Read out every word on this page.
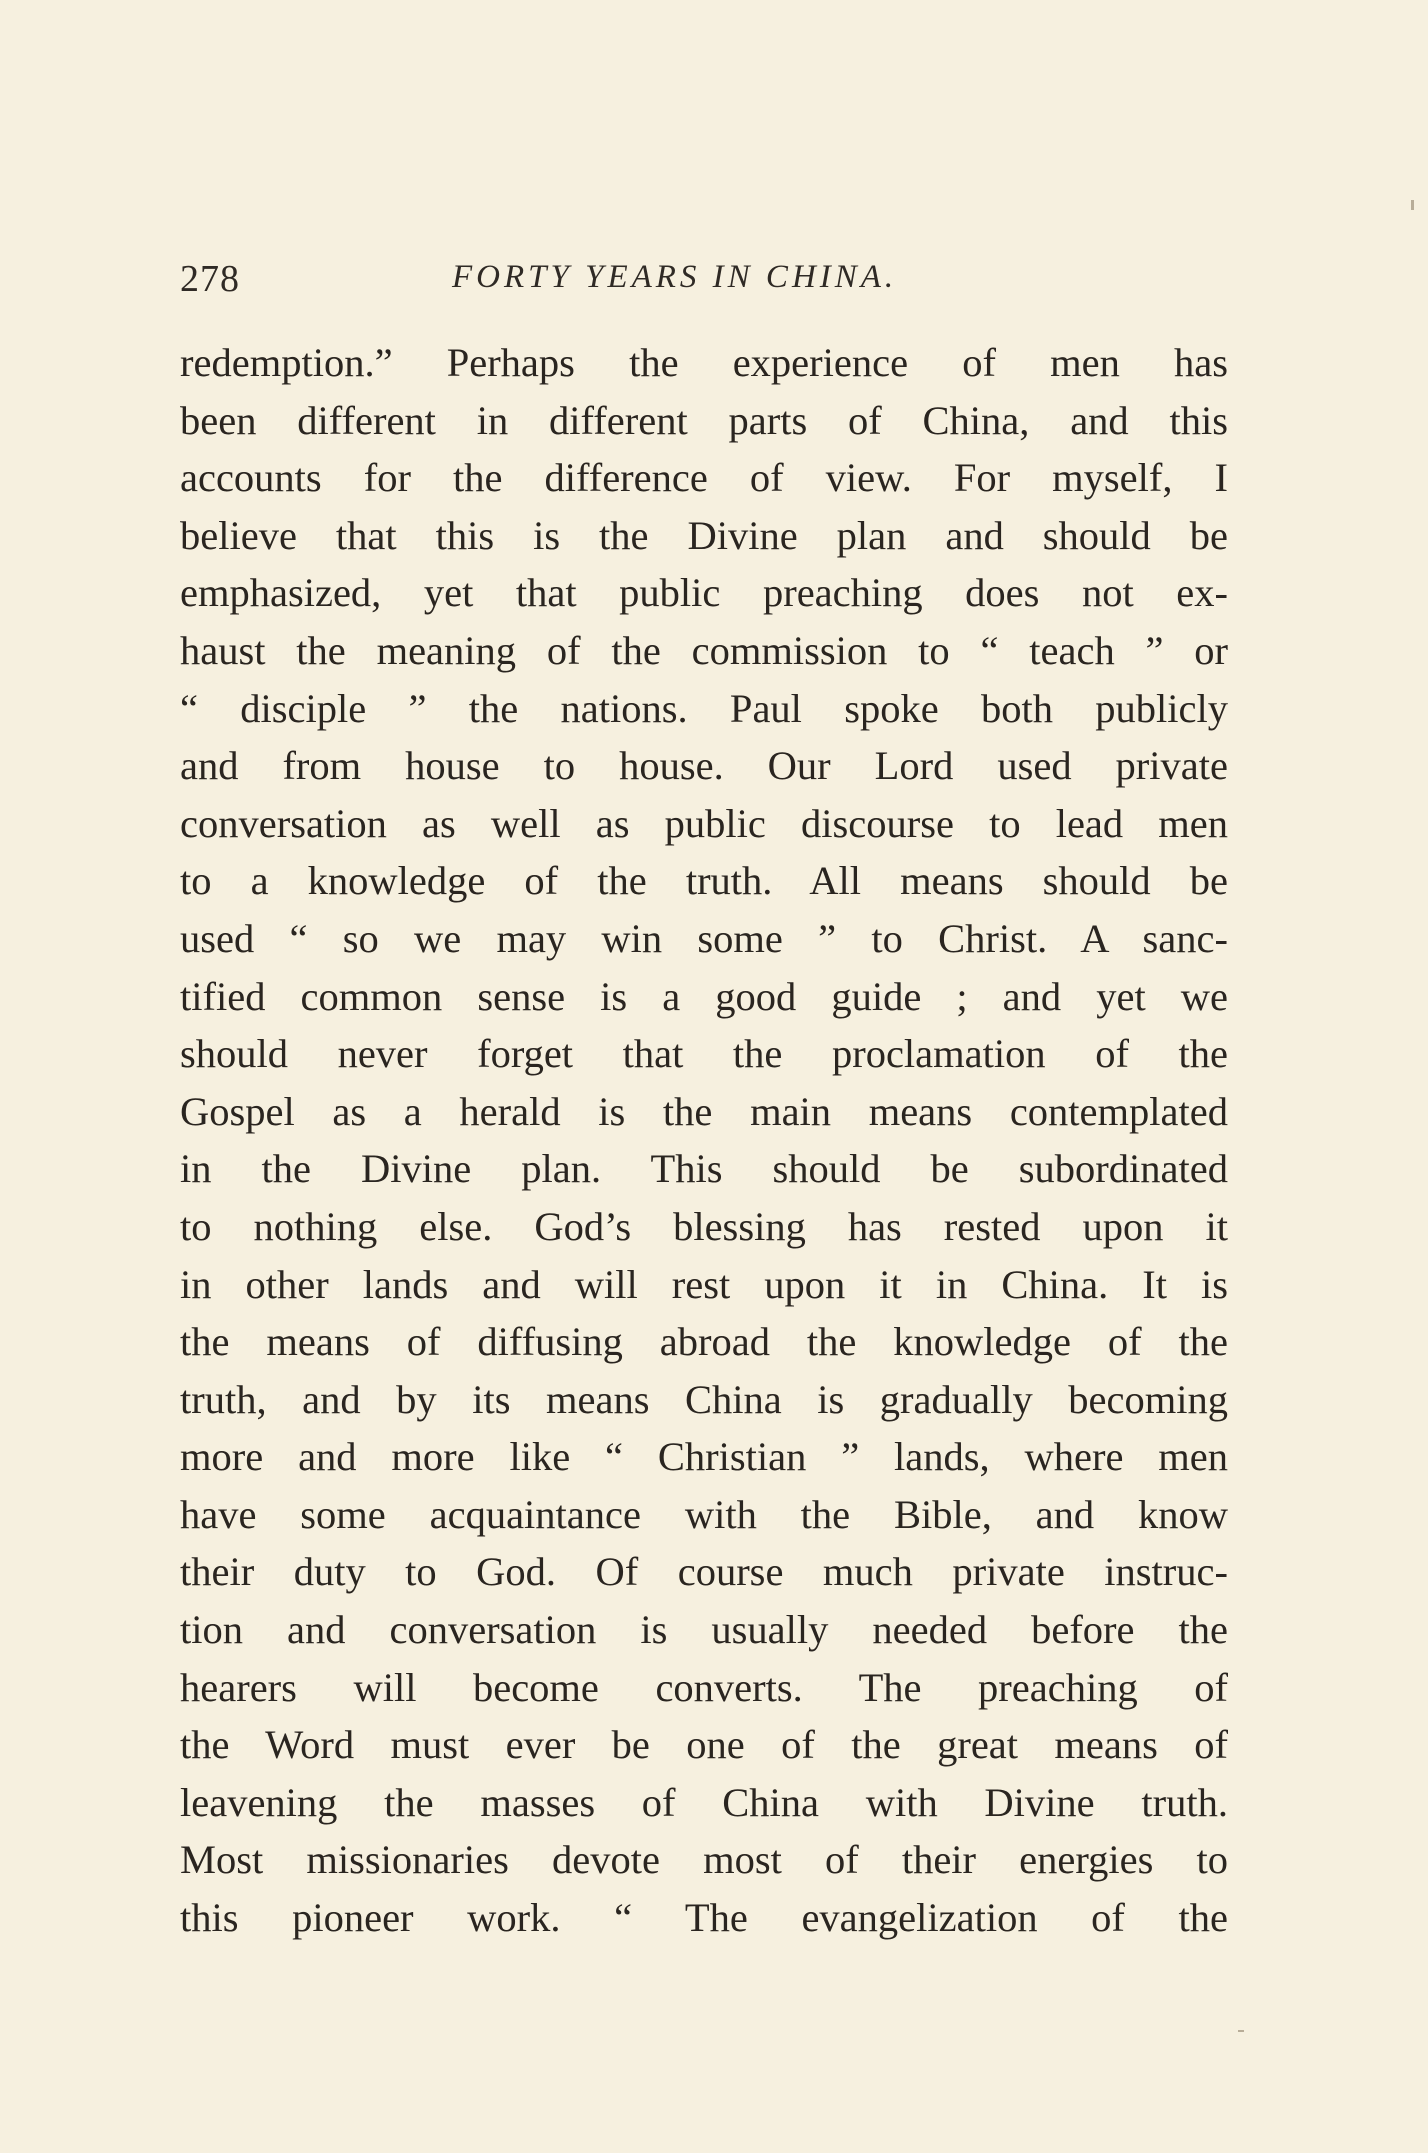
278	FORTY YEARS IN CHINA.
redemption.” Perhaps the experience of men has
been different in different parts of China, and this
accounts for the difference of view. For myself, I
believe that this is the Divine plan and should be
emphasized, yet that public preaching does not ex-
haust the meaning of the commission to “ teach ” or
“ disciple ” the nations. Paul spoke both publicly
and from house to house. Our Lord used private
conversation as well as public discourse to lead men
to a knowledge of the truth. All means should be
used “ so we may win some ” to Christ. A sanc-
tified common sense is a good guide ; and yet we
should never forget that the proclamation of the
Gospel as a herald is the main means contemplated
in the Divine plan. This should be subordinated
to nothing else. God’s blessing has rested upon it
in other lands and will rest upon it in China. It is
the means of diffusing abroad the knowledge of the
truth, and by its means China is gradually becoming
more and more like “ Christian ” lands, where men
have some acquaintance with the Bible, and know
their duty to God. Of course much private instruc-
tion and conversation is usually needed before the
hearers will become converts. The preaching of
the Word must ever be one of the great means of
leavening the masses of China with Divine truth.
Most missionaries devote most of their energies to
this pioneer work. “ The evangelization of the
